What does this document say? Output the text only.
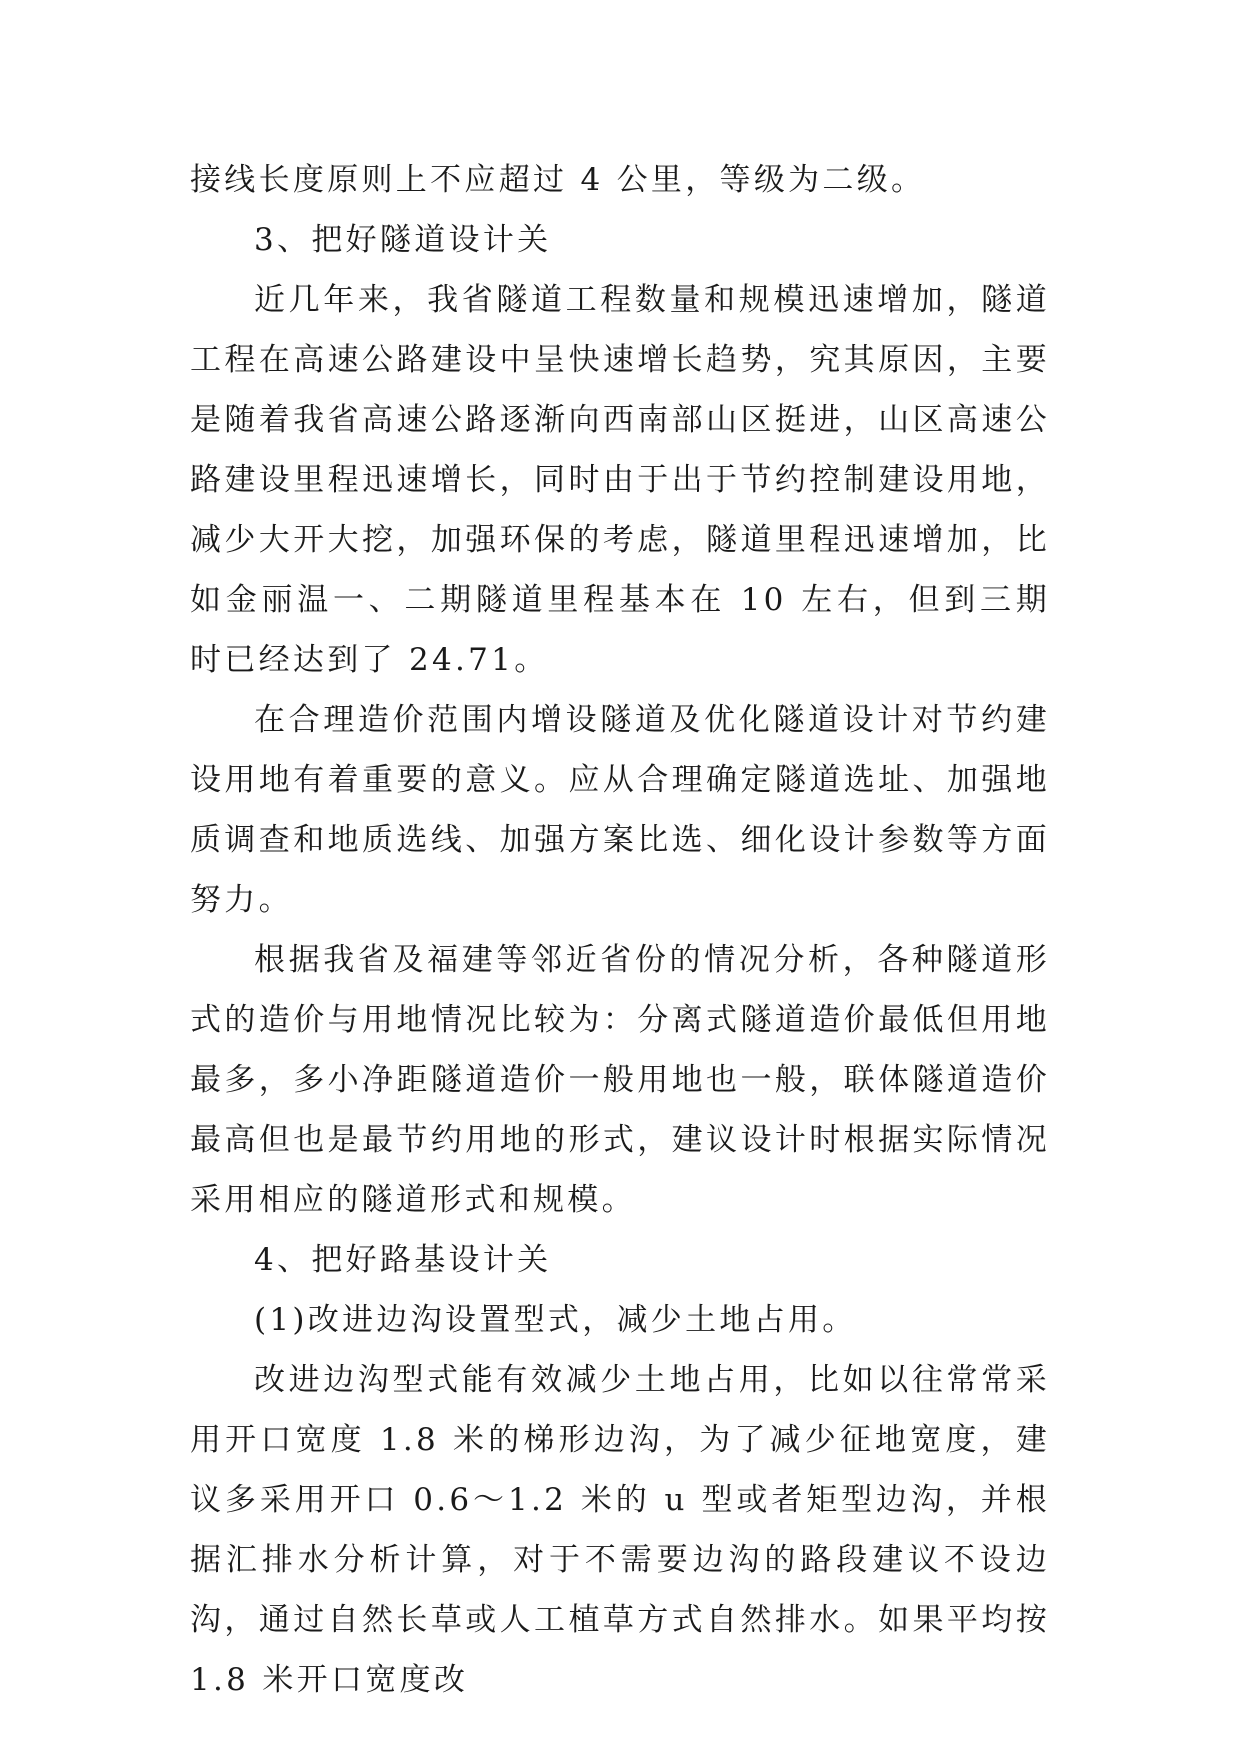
接线长度原则上不应超过 4 公里，等级为二级。

3、把好隧道设计关

近几年来，我省隧道工程数量和规模迅速增加，隧道工程在高速公路建设中呈快速增长趋势，究其原因，主要是随着我省高速公路逐渐向西南部山区挺进，山区高速公路建设里程迅速增长，同时由于出于节约控制建设用地，减少大开大挖，加强环保的考虑，隧道里程迅速增加，比如金丽温一、二期隧道里程基本在 10 左右，但到三期时已经达到了 24.71。

在合理造价范围内增设隧道及优化隧道设计对节约建设用地有着重要的意义。应从合理确定隧道选址、加强地质调查和地质选线、加强方案比选、细化设计参数等方面努力。

根据我省及福建等邻近省份的情况分析，各种隧道形式的造价与用地情况比较为：分离式隧道造价最低但用地最多，多小净距隧道造价一般用地也一般，联体隧道造价最高但也是最节约用地的形式，建议设计时根据实际情况采用相应的隧道形式和规模。

4、把好路基设计关

(1)改进边沟设置型式，减少土地占用。

改进边沟型式能有效减少土地占用，比如以往常常采用开口宽度 1.8 米的梯形边沟，为了减少征地宽度，建议多采用开口 0.6～1.2 米的 u 型或者矩型边沟，并根据汇排水分析计算，对于不需要边沟的路段建议不设边沟，通过自然长草或人工植草方式自然排水。如果平均按 1.8 米开口宽度改
